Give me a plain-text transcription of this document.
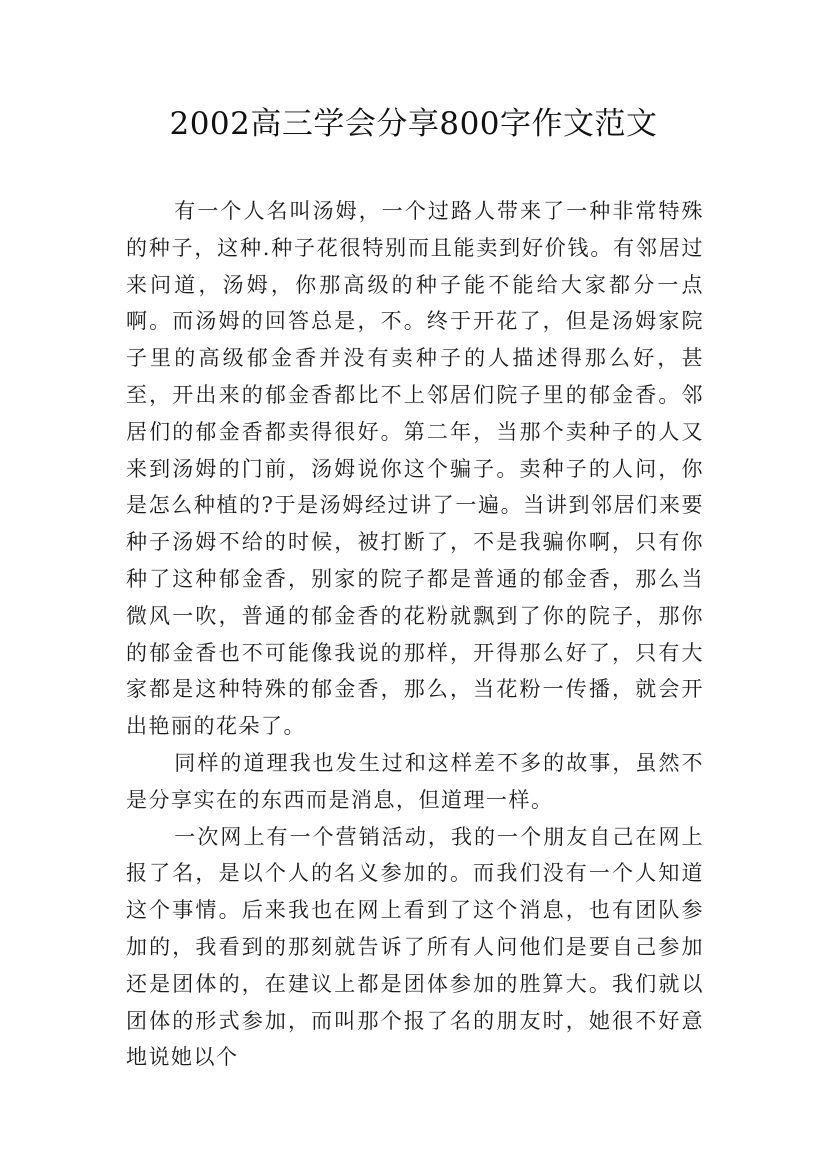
2002高三学会分享800字作文范文

有一个人名叫汤姆，一个过路人带来了一种非常特殊的种子，这种.种子花很特别而且能卖到好价钱。有邻居过来问道，汤姆，你那高级的种子能不能给大家都分一点啊。而汤姆的回答总是，不。终于开花了，但是汤姆家院子里的高级郁金香并没有卖种子的人描述得那么好，甚至，开出来的郁金香都比不上邻居们院子里的郁金香。邻居们的郁金香都卖得很好。第二年，当那个卖种子的人又来到汤姆的门前，汤姆说你这个骗子。卖种子的人问，你是怎么种植的?于是汤姆经过讲了一遍。当讲到邻居们来要种子汤姆不给的时候，被打断了，不是我骗你啊，只有你种了这种郁金香，别家的院子都是普通的郁金香，那么当微风一吹，普通的郁金香的花粉就飘到了你的院子，那你的郁金香也不可能像我说的那样，开得那么好了，只有大家都是这种特殊的郁金香，那么，当花粉一传播，就会开出艳丽的花朵了。

同样的道理我也发生过和这样差不多的故事，虽然不是分享实在的东西而是消息，但道理一样。

一次网上有一个营销活动，我的一个朋友自己在网上报了名，是以个人的名义参加的。而我们没有一个人知道这个事情。后来我也在网上看到了这个消息，也有团队参加的，我看到的那刻就告诉了所有人问他们是要自己参加还是团体的，在建议上都是团体参加的胜算大。我们就以团体的形式参加，而叫那个报了名的朋友时，她很不好意地说她以个
